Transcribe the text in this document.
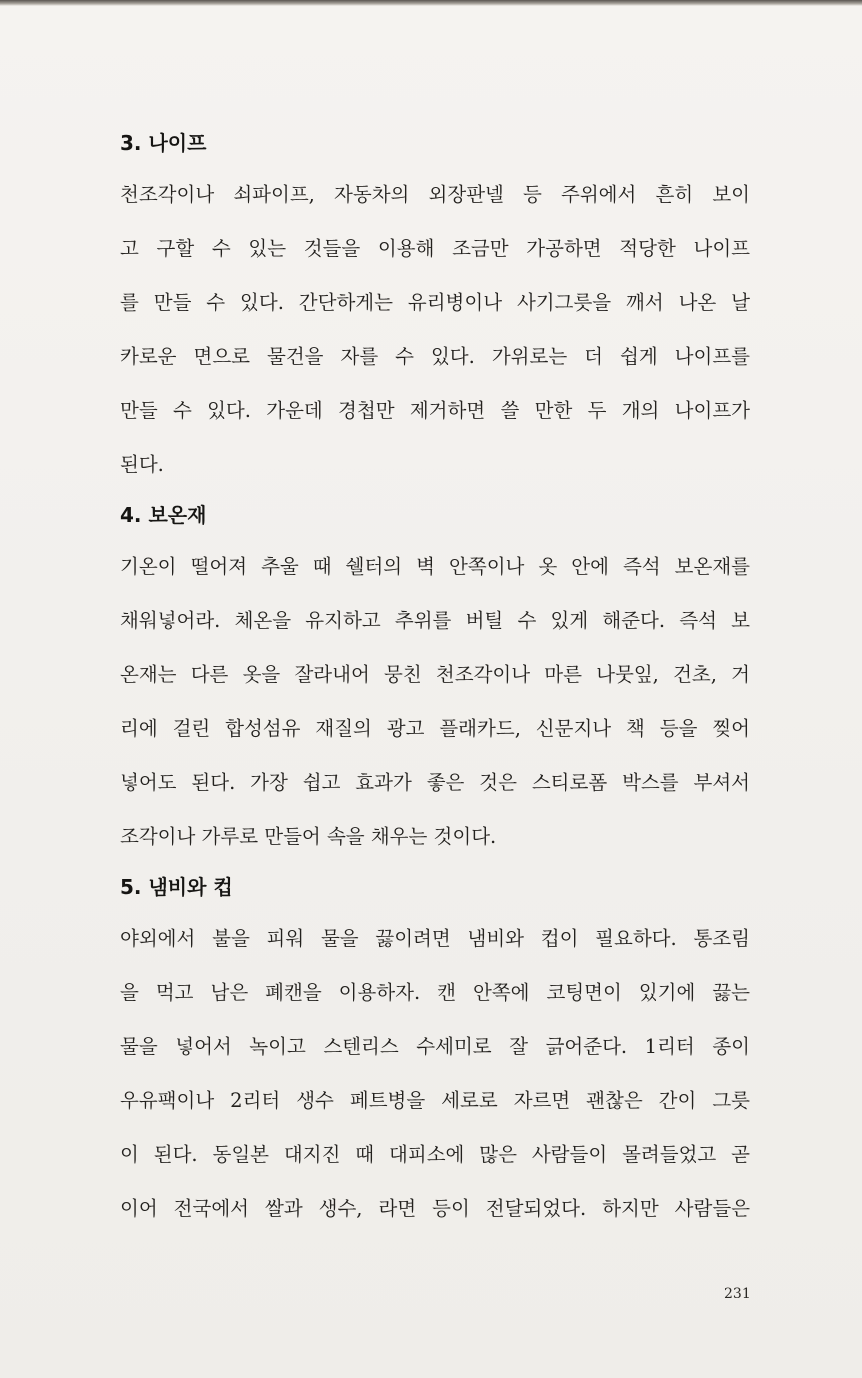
3. 나이프
천조각이나 쇠파이프, 자동차의 외장판넬 등 주위에서 흔히 보이
고 구할 수 있는 것들을 이용해 조금만 가공하면 적당한 나이프
를 만들 수 있다. 간단하게는 유리병이나 사기그릇을 깨서 나온 날
카로운 면으로 물건을 자를 수 있다. 가위로는 더 쉽게 나이프를
만들 수 있다. 가운데 경첩만 제거하면 쓸 만한 두 개의 나이프가
된다.
4. 보온재
기온이 떨어져 추울 때 쉘터의 벽 안쪽이나 옷 안에 즉석 보온재를
채워넣어라. 체온을 유지하고 추위를 버틸 수 있게 해준다. 즉석 보
온재는 다른 옷을 잘라내어 뭉친 천조각이나 마른 나뭇잎, 건초, 거
리에 걸린 합성섬유 재질의 광고 플래카드, 신문지나 책 등을 찢어
넣어도 된다. 가장 쉽고 효과가 좋은 것은 스티로폼 박스를 부셔서
조각이나 가루로 만들어 속을 채우는 것이다.
5. 냄비와 컵
야외에서 불을 피워 물을 끓이려면 냄비와 컵이 필요하다. 통조림
을 먹고 남은 폐캔을 이용하자. 캔 안쪽에 코팅면이 있기에 끓는
물을 넣어서 녹이고 스텐리스 수세미로 잘 긁어준다. 1리터 종이
우유팩이나 2리터 생수 페트병을 세로로 자르면 괜찮은 간이 그릇
이 된다. 동일본 대지진 때 대피소에 많은 사람들이 몰려들었고 곧
이어 전국에서 쌀과 생수, 라면 등이 전달되었다. 하지만 사람들은
231
